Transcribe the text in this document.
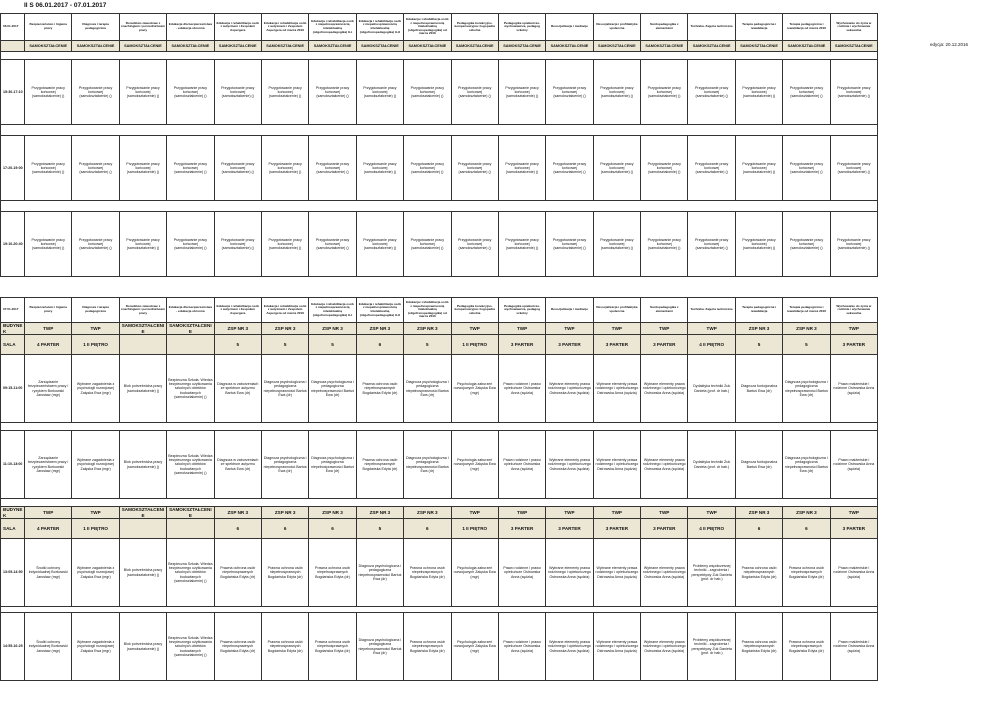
II S 06.01.2017 - 07.01.2017
edycja: 20.12.2016
06.01.2017	Bezpieczeństwo i higiena pracy	Diagnoza i terapia pedagogiczna	Doradztwo zawodowe z coachingiem i pośrednictwem pracy	Edukacja dla bezpieczeństwa - edukacja obronna	Edukacja i rehabilitacja osób z autyzmem i Zespołem Aspergera	Edukacja i rehabilitacja osób z autyzmem i Zespołem Aspergera od marca 2016	Edukacja i rehabilitacja osób z niepełnosprawnością intelektualną (oligofrenopedagogika) G-I	Edukacja i rehabilitacja osób z niepełnosprawnością intelektualną (oligofrenopedagogika) G-II	Edukacja i rehabilitacja osób z niepełnosprawnością intelektualną (oligofrenopedagogika) od marca 2016	Pedagogika korekcyjno-kompensacyjna i logopedia szkolna	Pedagogika opiekuńczo-wychowawcza, pedagog szkolny	Resocjalizacja i mediacje	Resocjalizacja i profilaktyka społeczna	Surdopedagogika z elementami	Technika. Zajęcia techniczne	Terapia pedagogiczna i rewalidacja	Terapia pedagogiczna i rewalidacja od marca 2016	Wychowanie do życia w rodzinie i wychowanie seksualne
	SAMOKSZTAŁCENIE	SAMOKSZTAŁCENIE	SAMOKSZTAŁCENIE	SAMOKSZTAŁCENIE	SAMOKSZTAŁCENIE	SAMOKSZTAŁCENIE	SAMOKSZTAŁCENIE	SAMOKSZTAŁCENIE	SAMOKSZTAŁCENIE	SAMOKSZTAŁCENIE	SAMOKSZTAŁCENIE	SAMOKSZTAŁCENIE	SAMOKSZTAŁCENIE	SAMOKSZTAŁCENIE	SAMOKSZTAŁCENIE	SAMOKSZTAŁCENIE	SAMOKSZTAŁCENIE	SAMOKSZTAŁCENIE

15:30-17:10	Przygotowanie pracy końcowej (samokształcenie) ()	Przygotowanie pracy końcowej (samokształcenie) ()	Przygotowanie pracy końcowej (samokształcenie) ()	Przygotowanie pracy końcowej (samokształcenie) ()	Przygotowanie pracy końcowej (samokształcenie) ()	Przygotowanie pracy końcowej (samokształcenie) ()	Przygotowanie pracy końcowej (samokształcenie) ()	Przygotowanie pracy końcowej (samokształcenie) ()	Przygotowanie pracy końcowej (samokształcenie) ()	Przygotowanie pracy końcowej (samokształcenie) ()	Przygotowanie pracy końcowej (samokształcenie) ()	Przygotowanie pracy końcowej (samokształcenie) ()	Przygotowanie pracy końcowej (samokształcenie) ()	Przygotowanie pracy końcowej (samokształcenie) ()	Przygotowanie pracy końcowej (samokształcenie) ()	Przygotowanie pracy końcowej (samokształcenie) ()	Przygotowanie pracy końcowej (samokształcenie) ()	Przygotowanie pracy końcowej (samokształcenie) ()

17:20-19:00	Przygotowanie pracy końcowej (samokształcenie) ()	Przygotowanie pracy końcowej (samokształcenie) ()	Przygotowanie pracy końcowej (samokształcenie) ()	Przygotowanie pracy końcowej (samokształcenie) ()	Przygotowanie pracy końcowej (samokształcenie) ()	Przygotowanie pracy końcowej (samokształcenie) ()	Przygotowanie pracy końcowej (samokształcenie) ()	Przygotowanie pracy końcowej (samokształcenie) ()	Przygotowanie pracy końcowej (samokształcenie) ()	Przygotowanie pracy końcowej (samokształcenie) ()	Przygotowanie pracy końcowej (samokształcenie) ()	Przygotowanie pracy końcowej (samokształcenie) ()	Przygotowanie pracy końcowej (samokształcenie) ()	Przygotowanie pracy końcowej (samokształcenie) ()	Przygotowanie pracy końcowej (samokształcenie) ()	Przygotowanie pracy końcowej (samokształcenie) ()	Przygotowanie pracy końcowej (samokształcenie) ()	Przygotowanie pracy końcowej (samokształcenie) ()

19:10-20:40	Przygotowanie pracy końcowej (samokształcenie) ()	Przygotowanie pracy końcowej (samokształcenie) ()	Przygotowanie pracy końcowej (samokształcenie) ()	Przygotowanie pracy końcowej (samokształcenie) ()	Przygotowanie pracy końcowej (samokształcenie) ()	Przygotowanie pracy końcowej (samokształcenie) ()	Przygotowanie pracy końcowej (samokształcenie) ()	Przygotowanie pracy końcowej (samokształcenie) ()	Przygotowanie pracy końcowej (samokształcenie) ()	Przygotowanie pracy końcowej (samokształcenie) ()	Przygotowanie pracy końcowej (samokształcenie) ()	Przygotowanie pracy końcowej (samokształcenie) ()	Przygotowanie pracy końcowej (samokształcenie) ()	Przygotowanie pracy końcowej (samokształcenie) ()	Przygotowanie pracy końcowej (samokształcenie) ()	Przygotowanie pracy końcowej (samokształcenie) ()	Przygotowanie pracy końcowej (samokształcenie) ()	Przygotowanie pracy końcowej (samokształcenie) ()
07.01.2017	Bezpieczeństwo i higiena pracy	Diagnoza i terapia pedagogiczna	Doradztwo zawodowe z coachingiem i pośrednictwem pracy	Edukacja dla bezpieczeństwa - edukacja obronna	Edukacja i rehabilitacja osób z autyzmem i Zespołem Aspergera	Edukacja i rehabilitacja osób z autyzmem i Zespołem Aspergera od marca 2016	Edukacja i rehabilitacja osób z niepełnosprawnością intelektualną (oligofrenopedagogika) G-I	Edukacja i rehabilitacja osób z niepełnosprawnością intelektualną (oligofrenopedagogika) G-II	Edukacja i rehabilitacja osób z niepełnosprawnością intelektualną (oligofrenopedagogika) od marca 2016	Pedagogika korekcyjno-kompensacyjna i logopedia szkolna	Pedagogika opiekuńczo-wychowawcza, pedagog szkolny	Resocjalizacja i mediacje	Resocjalizacja i profilaktyka społeczna	Surdopedagogika z elementami	Technika. Zajęcia techniczne	Terapia pedagogiczna i rewalidacja	Terapia pedagogiczna i rewalidacja od marca 2016	Wychowanie do życia w rodzinie i wychowanie seksualne
BUDYNEK	TWP	TWP	SAMOKSZTAŁCENIE	SAMOKSZTAŁCENIE	ZSP NR 3	ZSP NR 3	ZSP NR 3	ZSP NR 3	ZSP NR 3	TWP	TWP	TWP	TWP	TWP	TWP	ZSP NR 3	ZSP NR 3	TWP
SALA	4 PARTER	1 II PIĘTRO			5	5	5	6	5	1 II PIĘTRO	3 PARTER	3 PARTER	3 PARTER	3 PARTER	4 II PIĘTRO	5	5	3 PARTER
09:15-11:00	Zarządzanie bezpieczeństwem pracy i ryzykiem Borkowski Jarosław (mgr)	Wybrane zagadnienia z psychologii rozwojowej Zalęska Ewa (mgr)	Blok potrzebnicha pracy (samokształcenie) ()	Bezpieczna Szkoła. Wiedza bezpiecznego użytkowania szkolnych obiektów budowlanych (samokształcenie) ()	Diagnoza w zaburzeniach ze spektrum autyzmu Bartuś Ewa (dr)	Diagnoza psychologiczna i pedagogiczna niepełnosprawności Bartuś Ewa (dr)	Diagnoza psychologiczna i pedagogiczna niepełnosprawności Bartuś Ewa (dr)	Prawna ochrona osób niepełnosprawnych Bogdańska Edyta (dr)	Diagnoza psychologiczna i pedagogiczna niepełnosprawności Bartuś Ewa (dr)	Psychologia zaburzeń rozwojowych Zalęska Ewa (mgr)	Prawo rodzinne i prawo opiekuńcze Ostrowska Anna (sędzia)	Wybrane elementy prawa rodzinnego i opiekuńczego Ostrowska Anna (sędzia)	Wybrane elementy prawa rodzinnego i opiekuńczego Ostrowska Anna (sędzia)	Wybrane elementy prawa rodzinnego i opiekuńczego Ostrowska Anna (sędzia)	Dydaktyka techniki Żuk Danieta (prof. dr hab.)	Diagnoza funkcjonalna Bartuś Ewa (dr)	Diagnoza psychologiczna i pedagogiczna niepełnosprawności Bartuś Ewa (dr)	Prawo małżeńskie i rodzinne Ostrowska Anna (sędzia)

11:10-13:00	Zarządzanie bezpieczeństwem pracy i ryzykiem Borkowski Jarosław (mgr)	Wybrane zagadnienia z psychologii rozwojowej Zalęska Ewa (mgr)	Blok potrzebnicha pracy (samokształcenie) ()	Bezpieczna Szkoła. Wiedza bezpiecznego użytkowania szkolnych obiektów budowlanych (samokształcenie) ()	Diagnoza w zaburzeniach ze spektrum autyzmu Bartuś Ewa (dr)	Diagnoza psychologiczna i pedagogiczna niepełnosprawności Bartuś Ewa (dr)	Diagnoza psychologiczna i pedagogiczna niepełnosprawności Bartuś Ewa (dr)	Prawna ochrona osób niepełnosprawnych Bogdańska Edyta (dr)	Diagnoza psychologiczna i pedagogiczna niepełnosprawności Bartuś Ewa (dr)	Psychologia zaburzeń rozwojowych Zalęska Ewa (mgr)	Prawo rodzinne i prawo opiekuńcze Ostrowska Anna (sędzia)	Wybrane elementy prawa rodzinnego i opiekuńczego Ostrowska Anna (sędzia)	Wybrane elementy prawa rodzinnego i opiekuńczego Ostrowska Anna (sędzia)	Wybrane elementy prawa rodzinnego i opiekuńczego Ostrowska Anna (sędzia)	Dydaktyka techniki Żuk Danieta (prof. dr hab.)	Diagnoza funkcjonalna Bartuś Ewa (dr)	Diagnoza psychologiczna i pedagogiczna niepełnosprawności Bartuś Ewa (dr)	Prawo małżeńskie i rodzinne Ostrowska Anna (sędzia)

BUDYNEK	TWP	TWP	SAMOKSZTAŁCENIE	SAMOKSZTAŁCENIE	ZSP NR 3	ZSP NR 3	ZSP NR 3	ZSP NR 3	ZSP NR 3	TWP	TWP	TWP	TWP	TWP	TWP	ZSP NR 3	ZSP NR 3	TWP
SALA	4 PARTER	1 II PIĘTRO			6	6	6	5	6	1 II PIĘTRO	3 PARTER	3 PARTER	3 PARTER	3 PARTER	4 II PIĘTRO	6	6	3 PARTER
13:05-14:50	Środki ochrony indywidualnej Borkowski Jarosław (mgr)	Wybrane zagadnienia z psychologii rozwojowej Zalęska Ewa (mgr)	Blok potrzebnicha pracy (samokształcenie) ()	Bezpieczna Szkoła. Wiedza bezpiecznego użytkowania szkolnych obiektów budowlanych (samokształcenie) ()	Prawna ochrona osób niepełnosprawnych Bogdańska Edyta (dr)	Prawna ochrona osób niepełnosprawnych Bogdańska Edyta (dr)	Prawna ochrona osób niepełnosprawnych Bogdańska Edyta (dr)	Diagnoza psychologiczna i pedagogiczna niepełnosprawności Bartuś Ewa (dr)	Prawna ochrona osób niepełnosprawnych Bogdańska Edyta (dr)	Psychologia zaburzeń rozwojowych Zalęska Ewa (mgr)	Prawo rodzinne i prawo opiekuńcze Ostrowska Anna (sędzia)	Wybrane elementy prawa rodzinnego i opiekuńczego Ostrowska Anna (sędzia)	Wybrane elementy prawa rodzinnego i opiekuńczego Ostrowska Anna (sędzia)	Wybrane elementy prawa rodzinnego i opiekuńczego Ostrowska Anna (sędzia)	Problemy współczesnej techniki - zagrożenia i perspektywy Żuk Danieta (prof. dr hab.)	Prawna ochrona osób niepełnosprawnych Bogdańska Edyta (dr)	Prawna ochrona osób niepełnosprawnych Bogdańska Edyta (dr)	Prawo małżeńskie i rodzinne Ostrowska Anna (sędzia)

14:55-16:25	Środki ochrony indywidualnej Borkowski Jarosław (mgr)	Wybrane zagadnienia z psychologii rozwojowej Zalęska Ewa (mgr)	Blok potrzebnicha pracy (samokształcenie) ()	Bezpieczna Szkoła. Wiedza bezpiecznego użytkowania szkolnych obiektów budowlanych (samokształcenie) ()	Prawna ochrona osób niepełnosprawnych Bogdańska Edyta (dr)	Prawna ochrona osób niepełnosprawnych Bogdańska Edyta (dr)	Prawna ochrona osób niepełnosprawnych Bogdańska Edyta (dr)	Diagnoza psychologiczna i pedagogiczna niepełnosprawności Bartuś Ewa (dr)	Prawna ochrona osób niepełnosprawnych Bogdańska Edyta (dr)	Psychologia zaburzeń rozwojowych Zalęska Ewa (mgr)	Prawo rodzinne i prawo opiekuńcze Ostrowska Anna (sędzia)	Wybrane elementy prawa rodzinnego i opiekuńczego Ostrowska Anna (sędzia)	Wybrane elementy prawa rodzinnego i opiekuńczego Ostrowska Anna (sędzia)	Wybrane elementy prawa rodzinnego i opiekuńczego Ostrowska Anna (sędzia)	Problemy współczesnej techniki - zagrożenia i perspektywy Żuk Danieta (prof. dr hab.)	Prawna ochrona osób niepełnosprawnych Bogdańska Edyta (dr)	Prawna ochrona osób niepełnosprawnych Bogdańska Edyta (dr)	Prawo małżeńskie i rodzinne Ostrowska Anna (sędzia)
